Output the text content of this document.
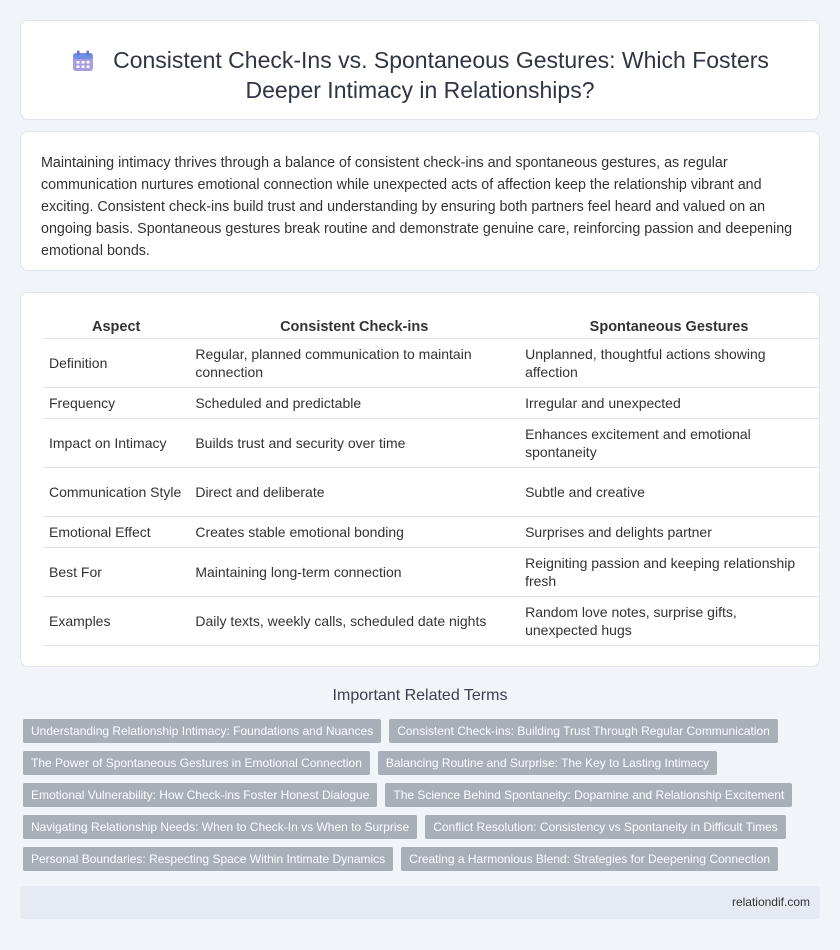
Consistent Check-Ins vs. Spontaneous Gestures: Which Fosters
Deeper Intimacy in Relationships?

Maintaining intimacy thrives through a balance of consistent check-ins and spontaneous gestures, as regular communication nurtures emotional connection while unexpected acts of affection keep the relationship vibrant and exciting. Consistent check-ins build trust and understanding by ensuring both partners feel heard and valued on an ongoing basis. Spontaneous gestures break routine and demonstrate genuine care, reinforcing passion and deepening emotional bonds.

Aspect	Consistent Check-ins	Spontaneous Gestures
Definition	Regular, planned communication to maintain connection	Unplanned, thoughtful actions showing affection
Frequency	Scheduled and predictable	Irregular and unexpected
Impact on Intimacy	Builds trust and security over time	Enhances excitement and emotional spontaneity
Communication Style	Direct and deliberate	Subtle and creative
Emotional Effect	Creates stable emotional bonding	Surprises and delights partner
Best For	Maintaining long-term connection	Reigniting passion and keeping relationship fresh
Examples	Daily texts, weekly calls, scheduled date nights	Random love notes, surprise gifts, unexpected hugs
Important Related Terms
Understanding Relationship Intimacy: Foundations and Nuances	Consistent Check-ins: Building Trust Through Regular Communication
The Power of Spontaneous Gestures in Emotional Connection	Balancing Routine and Surprise: The Key to Lasting Intimacy
Emotional Vulnerability: How Check-ins Foster Honest Dialogue	The Science Behind Spontaneity: Dopamine and Relationship Excitement
Navigating Relationship Needs: When to Check-In vs When to Surprise	Conflict Resolution: Consistency vs Spontaneity in Difficult Times
Personal Boundaries: Respecting Space Within Intimate Dynamics	Creating a Harmonious Blend: Strategies for Deepening Connection
relationdif.com
